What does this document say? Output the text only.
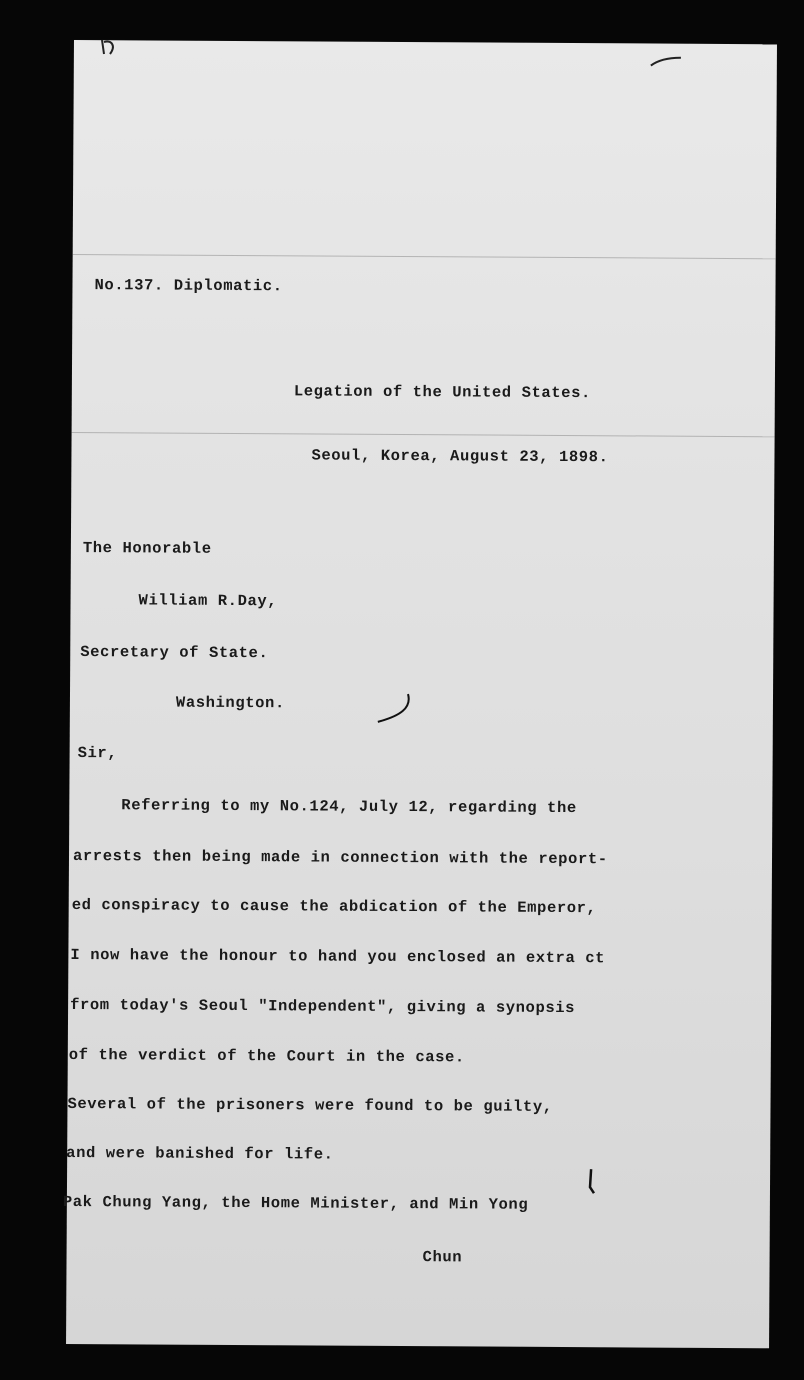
No.137. Diplomatic.
Legation of the United States.
Seoul, Korea, August 23, 1898.
The Honorable
William R.Day,
Secretary of State.
Washington.
Sir,
Referring to my No.124, July 12, regarding the
arrests then being made in connection with the report-
ed conspiracy to cause the abdication of the Emperor,
I now have the honour to hand you enclosed an extra ct
from today's Seoul "Independent", giving a synopsis
of the verdict of the Court in the case.
Several of the prisoners were found to be guilty,
and were banished for life.
Pak Chung Yang, the Home Minister, and Min Yong
Chun
